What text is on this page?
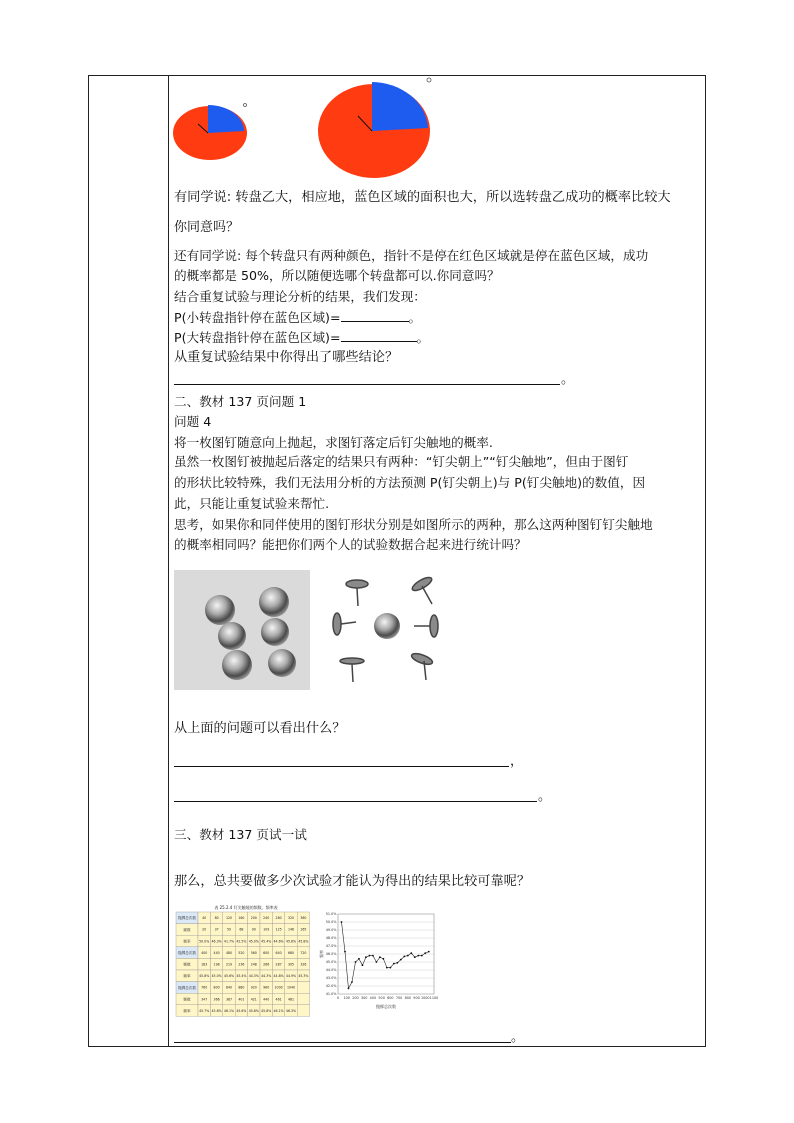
有同学说: 转盘乙大，相应地，蓝色区域的面积也大，所以选转盘乙成功的概率比较大
你同意吗？
还有同学说: 每个转盘只有两种颜色，指针不是停在红色区域就是停在蓝色区域，成功
的概率都是 50%，所以随便选哪个转盘都可以.你同意吗？
结合重复试验与理论分析的结果，我们发现：
P(小转盘指针停在蓝色区域)=	。
P(大转盘指针停在蓝色区域)=	。
从重复试验结果中你得出了哪些结论？
。
二、教材 137 页问题 1
问题 4
将一枚图钉随意向上抛起，求图钉落定后钉尖触地的概率.
虽然一枚图钉被抛起后落定的结果只有两种：“钉尖朝上”“钉尖触地”，但由于图钉
的形状比较特殊，我们无法用分析的方法预测 P(钉尖朝上)与 P(钉尖触地)的数值，因
此，只能让重复试验来帮忙.
思考，如果你和同伴使用的图钉形状分别是如图所示的两种，那么这两种图钉钉尖触地
的概率相同吗？能把你们两个人的试验数据合起来进行统计吗？
从上面的问题可以看出什么？
，
。
三、教材 137 页试一试
那么，总共要做多少次试验才能认为得出的结果比较可靠呢？
表 25.2.4 钉尖触地的频数、频率表
抛掷总次数 40	80 120 160 200 240 280 320 360
频数	20	37	50	68	90 109 125 146 165
频率	50.0% 46.3% 41.7% 42.5% 45.0% 45.4% 44.6% 45.6% 45.8%
抛掷总次数 400 440 480 520 560 600 640 680 720
频数	183 198 219 236 248 266 287 305 326
频率	45.8% 45.0% 45.6% 45.4% 44.3% 44.3% 44.8% 44.9% 45.3%
抛掷总次数 760 800 840 880 920 960 1000 1040
频数	347 366 387 401 421 440 461 481
频率	45.7% 45.8% 46.1% 45.6% 45.8% 45.8% 46.1% 46.3%
41.0%
42.0%
43.0%
44.0%
45.0%
46.0%
47.0%
48.0%
49.0%
50.0%
51.0%
0 100 200 300 400 500 600 700 800 900 1000 1100
抛掷总次数
频率
。
